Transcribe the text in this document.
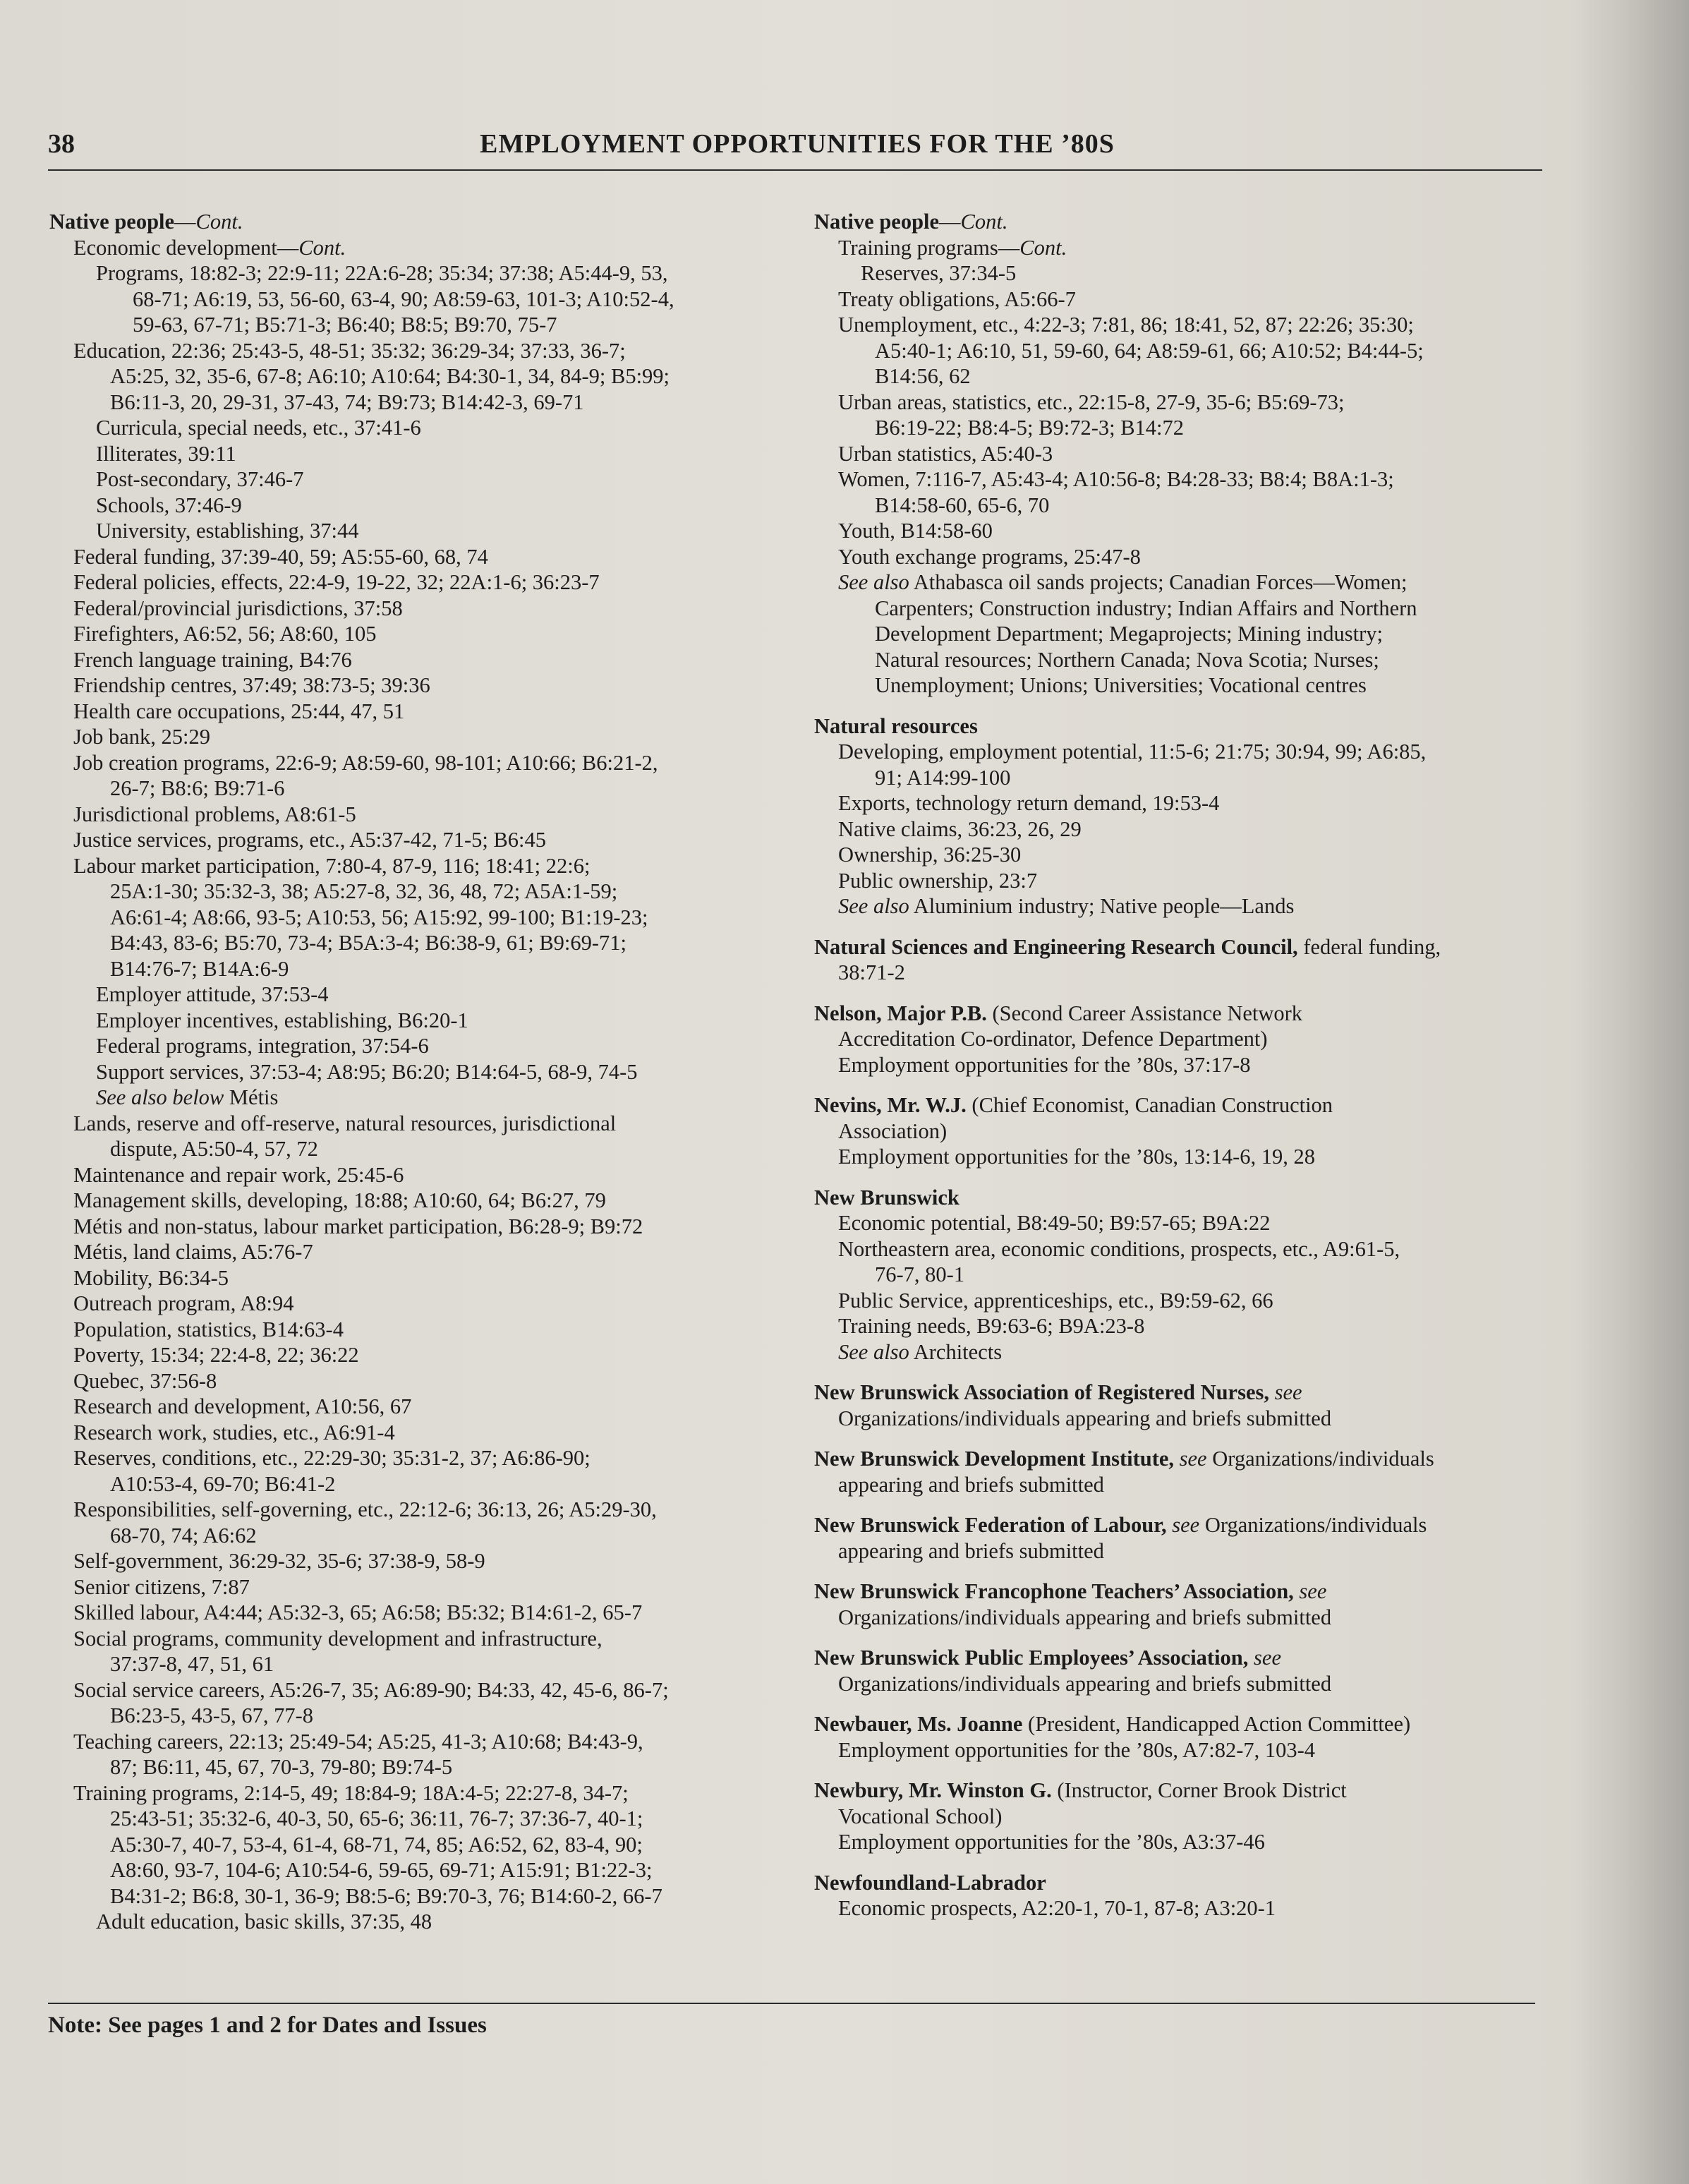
38	EMPLOYMENT OPPORTUNITIES FOR THE ’80S
Native people—Cont.
Economic development—Cont.
Programs, 18:82-3; 22:9-11; 22A:6-28; 35:34; 37:38; A5:44-9, 53,
68-71; A6:19, 53, 56-60, 63-4, 90; A8:59-63, 101-3; A10:52-4,
59-63, 67-71; B5:71-3; B6:40; B8:5; B9:70, 75-7
Education, 22:36; 25:43-5, 48-51; 35:32; 36:29-34; 37:33, 36-7;
A5:25, 32, 35-6, 67-8; A6:10; A10:64; B4:30-1, 34, 84-9; B5:99;
B6:11-3, 20, 29-31, 37-43, 74; B9:73; B14:42-3, 69-71
Curricula, special needs, etc., 37:41-6
Illiterates, 39:11
Post-secondary, 37:46-7
Schools, 37:46-9
University, establishing, 37:44
Federal funding, 37:39-40, 59; A5:55-60, 68, 74
Federal policies, effects, 22:4-9, 19-22, 32; 22A:1-6; 36:23-7
Federal/provincial jurisdictions, 37:58
Firefighters, A6:52, 56; A8:60, 105
French language training, B4:76
Friendship centres, 37:49; 38:73-5; 39:36
Health care occupations, 25:44, 47, 51
Job bank, 25:29
Job creation programs, 22:6-9; A8:59-60, 98-101; A10:66; B6:21-2,
26-7; B8:6; B9:71-6
Jurisdictional problems, A8:61-5
Justice services, programs, etc., A5:37-42, 71-5; B6:45
Labour market participation, 7:80-4, 87-9, 116; 18:41; 22:6;
25A:1-30; 35:32-3, 38; A5:27-8, 32, 36, 48, 72; A5A:1-59;
A6:61-4; A8:66, 93-5; A10:53, 56; A15:92, 99-100; B1:19-23;
B4:43, 83-6; B5:70, 73-4; B5A:3-4; B6:38-9, 61; B9:69-71;
B14:76-7; B14A:6-9
Employer attitude, 37:53-4
Employer incentives, establishing, B6:20-1
Federal programs, integration, 37:54-6
Support services, 37:53-4; A8:95; B6:20; B14:64-5, 68-9, 74-5
See also below Métis
Lands, reserve and off-reserve, natural resources, jurisdictional
dispute, A5:50-4, 57, 72
Maintenance and repair work, 25:45-6
Management skills, developing, 18:88; A10:60, 64; B6:27, 79
Métis and non-status, labour market participation, B6:28-9; B9:72
Métis, land claims, A5:76-7
Mobility, B6:34-5
Outreach program, A8:94
Population, statistics, B14:63-4
Poverty, 15:34; 22:4-8, 22; 36:22
Quebec, 37:56-8
Research and development, A10:56, 67
Research work, studies, etc., A6:91-4
Reserves, conditions, etc., 22:29-30; 35:31-2, 37; A6:86-90;
A10:53-4, 69-70; B6:41-2
Responsibilities, self-governing, etc., 22:12-6; 36:13, 26; A5:29-30,
68-70, 74; A6:62
Self-government, 36:29-32, 35-6; 37:38-9, 58-9
Senior citizens, 7:87
Skilled labour, A4:44; A5:32-3, 65; A6:58; B5:32; B14:61-2, 65-7
Social programs, community development and infrastructure,
37:37-8, 47, 51, 61
Social service careers, A5:26-7, 35; A6:89-90; B4:33, 42, 45-6, 86-7;
B6:23-5, 43-5, 67, 77-8
Teaching careers, 22:13; 25:49-54; A5:25, 41-3; A10:68; B4:43-9,
87; B6:11, 45, 67, 70-3, 79-80; B9:74-5
Training programs, 2:14-5, 49; 18:84-9; 18A:4-5; 22:27-8, 34-7;
25:43-51; 35:32-6, 40-3, 50, 65-6; 36:11, 76-7; 37:36-7, 40-1;
A5:30-7, 40-7, 53-4, 61-4, 68-71, 74, 85; A6:52, 62, 83-4, 90;
A8:60, 93-7, 104-6; A10:54-6, 59-65, 69-71; A15:91; B1:22-3;
B4:31-2; B6:8, 30-1, 36-9; B8:5-6; B9:70-3, 76; B14:60-2, 66-7
Adult education, basic skills, 37:35, 48
Native people—Cont.
Training programs—Cont.
Reserves, 37:34-5
Treaty obligations, A5:66-7
Unemployment, etc., 4:22-3; 7:81, 86; 18:41, 52, 87; 22:26; 35:30;
A5:40-1; A6:10, 51, 59-60, 64; A8:59-61, 66; A10:52; B4:44-5;
B14:56, 62
Urban areas, statistics, etc., 22:15-8, 27-9, 35-6; B5:69-73;
B6:19-22; B8:4-5; B9:72-3; B14:72
Urban statistics, A5:40-3
Women, 7:116-7, A5:43-4; A10:56-8; B4:28-33; B8:4; B8A:1-3;
B14:58-60, 65-6, 70
Youth, B14:58-60
Youth exchange programs, 25:47-8
See also Athabasca oil sands projects; Canadian Forces—Women;
Carpenters; Construction industry; Indian Affairs and Northern
Development Department; Megaprojects; Mining industry;
Natural resources; Northern Canada; Nova Scotia; Nurses;
Unemployment; Unions; Universities; Vocational centres
Natural resources
Developing, employment potential, 11:5-6; 21:75; 30:94, 99; A6:85,
91; A14:99-100
Exports, technology return demand, 19:53-4
Native claims, 36:23, 26, 29
Ownership, 36:25-30
Public ownership, 23:7
See also Aluminium industry; Native people—Lands
Natural Sciences and Engineering Research Council, federal funding,
38:71-2
Nelson, Major P.B. (Second Career Assistance Network
Accreditation Co-ordinator, Defence Department)
Employment opportunities for the ’80s, 37:17-8
Nevins, Mr. W.J. (Chief Economist, Canadian Construction
Association)
Employment opportunities for the ’80s, 13:14-6, 19, 28
New Brunswick
Economic potential, B8:49-50; B9:57-65; B9A:22
Northeastern area, economic conditions, prospects, etc., A9:61-5,
76-7, 80-1
Public Service, apprenticeships, etc., B9:59-62, 66
Training needs, B9:63-6; B9A:23-8
See also Architects
New Brunswick Association of Registered Nurses, see
Organizations/individuals appearing and briefs submitted
New Brunswick Development Institute, see Organizations/individuals
appearing and briefs submitted
New Brunswick Federation of Labour, see Organizations/individuals
appearing and briefs submitted
New Brunswick Francophone Teachers’ Association, see
Organizations/individuals appearing and briefs submitted
New Brunswick Public Employees’ Association, see
Organizations/individuals appearing and briefs submitted
Newbauer, Ms. Joanne (President, Handicapped Action Committee)
Employment opportunities for the ’80s, A7:82-7, 103-4
Newbury, Mr. Winston G. (Instructor, Corner Brook District
Vocational School)
Employment opportunities for the ’80s, A3:37-46
Newfoundland-Labrador
Economic prospects, A2:20-1, 70-1, 87-8; A3:20-1
Note: See pages 1 and 2 for Dates and Issues
